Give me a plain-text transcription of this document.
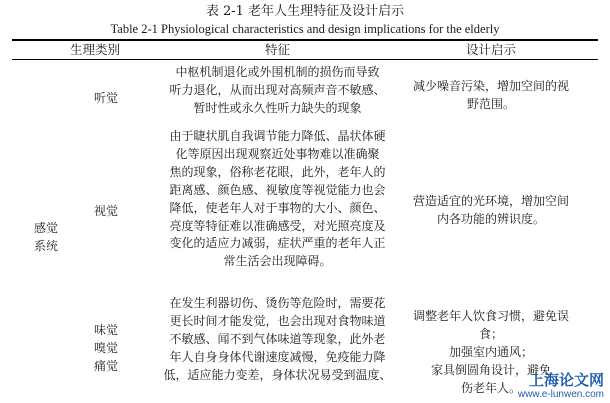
表 2-1 老年人生理特征及设计启示
Table 2-1 Physiological characteristics and design implications for the elderly
生理类别	特征	设计启示
感觉
系统
听觉
中枢机制退化或外围机制的损伤而导致
听力退化，从而出现对高频声音不敏感、
暂时性或永久性听力缺失的现象
减少噪音污染，增加空间的视
野范围。
视觉
由于睫状肌自我调节能力降低、晶状体硬
化等原因出现观察近处事物难以准确聚
焦的现象，俗称老花眼，此外，老年人的
距离感、颜色感、视敏度等视觉能力也会
降低，使老年人对于事物的大小、颜色、
亮度等特征难以准确感受，对光照亮度及
变化的适应力减弱，症状严重的老年人正
常生活会出现障碍。
营造适宜的光环境，增加空间
内各功能的辨识度。
味觉
嗅觉
痛觉
在发生利器切伤、烫伤等危险时，需要花
更长时间才能发觉，也会出现对食物味道
不敏感、闻不到气体味道等现象，此外老
年人自身身体代谢速度减慢，免疫能力降
低，适应能力变差，身体状况易受到温度、
调整老年人饮食习惯，避免误
食；
加强室内通风；
家具倒圆角设计，避免
伤老年人。 上海论文网
www.e-lunwen.com
